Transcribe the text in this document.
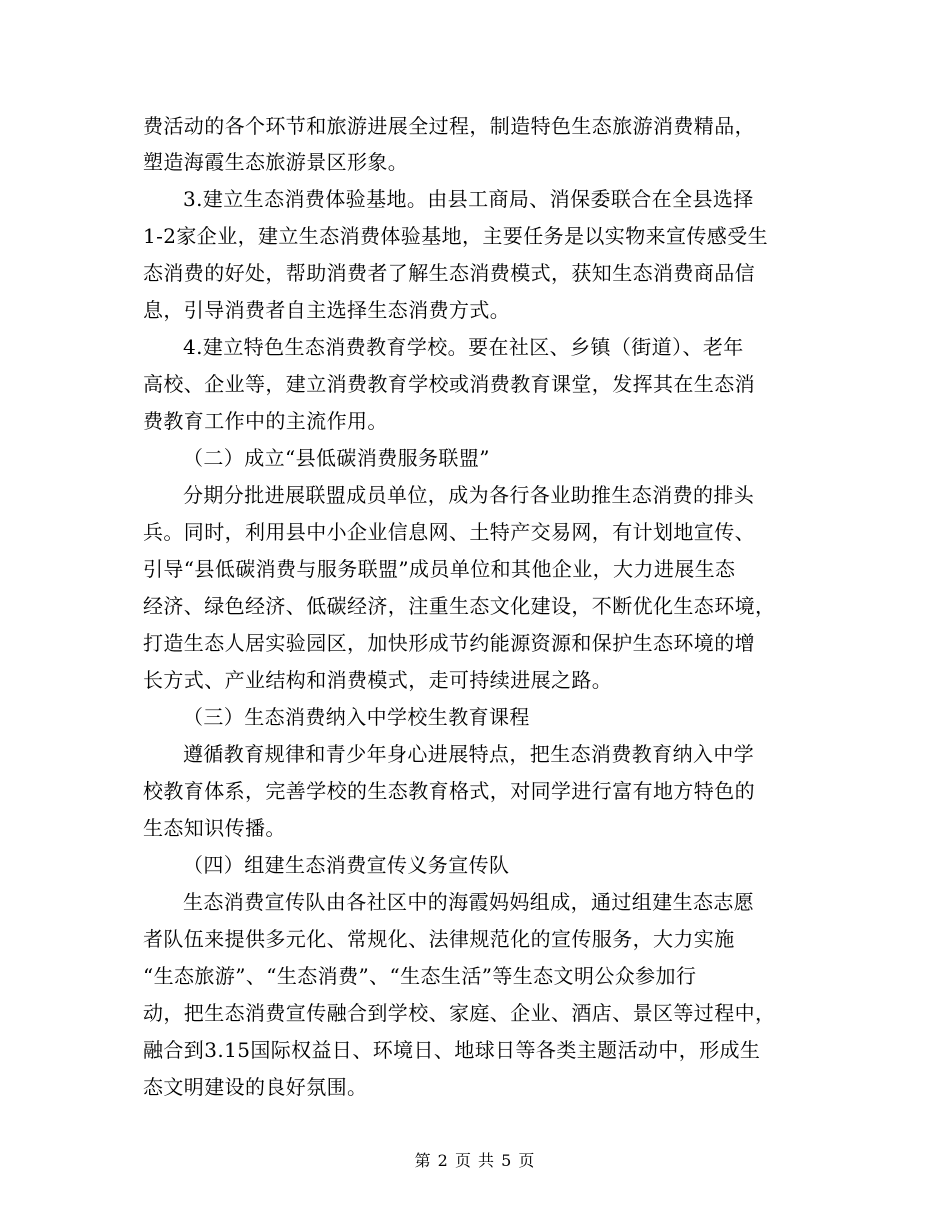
费活动的各个环节和旅游进展全过程，制造特色生态旅游消费精品，
塑造海霞生态旅游景区形象。
3.建立生态消费体验基地。由县工商局、消保委联合在全县选择
1-2家企业，建立生态消费体验基地，主要任务是以实物来宣传感受生
态消费的好处，帮助消费者了解生态消费模式，获知生态消费商品信
息，引导消费者自主选择生态消费方式。
4.建立特色生态消费教育学校。要在社区、乡镇（街道）、老年
高校、企业等，建立消费教育学校或消费教育课堂，发挥其在生态消
费教育工作中的主流作用。
（二）成立“县低碳消费服务联盟”
分期分批进展联盟成员单位，成为各行各业助推生态消费的排头
兵。同时，利用县中小企业信息网、土特产交易网，有计划地宣传、
引导“县低碳消费与服务联盟”成员单位和其他企业，大力进展生态
经济、绿色经济、低碳经济，注重生态文化建设，不断优化生态环境，
打造生态人居实验园区，加快形成节约能源资源和保护生态环境的增
长方式、产业结构和消费模式，走可持续进展之路。
（三）生态消费纳入中学校生教育课程
遵循教育规律和青少年身心进展特点，把生态消费教育纳入中学
校教育体系，完善学校的生态教育格式，对同学进行富有地方特色的
生态知识传播。
（四）组建生态消费宣传义务宣传队
生态消费宣传队由各社区中的海霞妈妈组成，通过组建生态志愿
者队伍来提供多元化、常规化、法律规范化的宣传服务，大力实施
“生态旅游”、“生态消费”、“生态生活”等生态文明公众参加行
动，把生态消费宣传融合到学校、家庭、企业、酒店、景区等过程中，
融合到3.15国际权益日、环境日、地球日等各类主题活动中，形成生
态文明建设的良好氛围。
第 2 页 共 5 页
